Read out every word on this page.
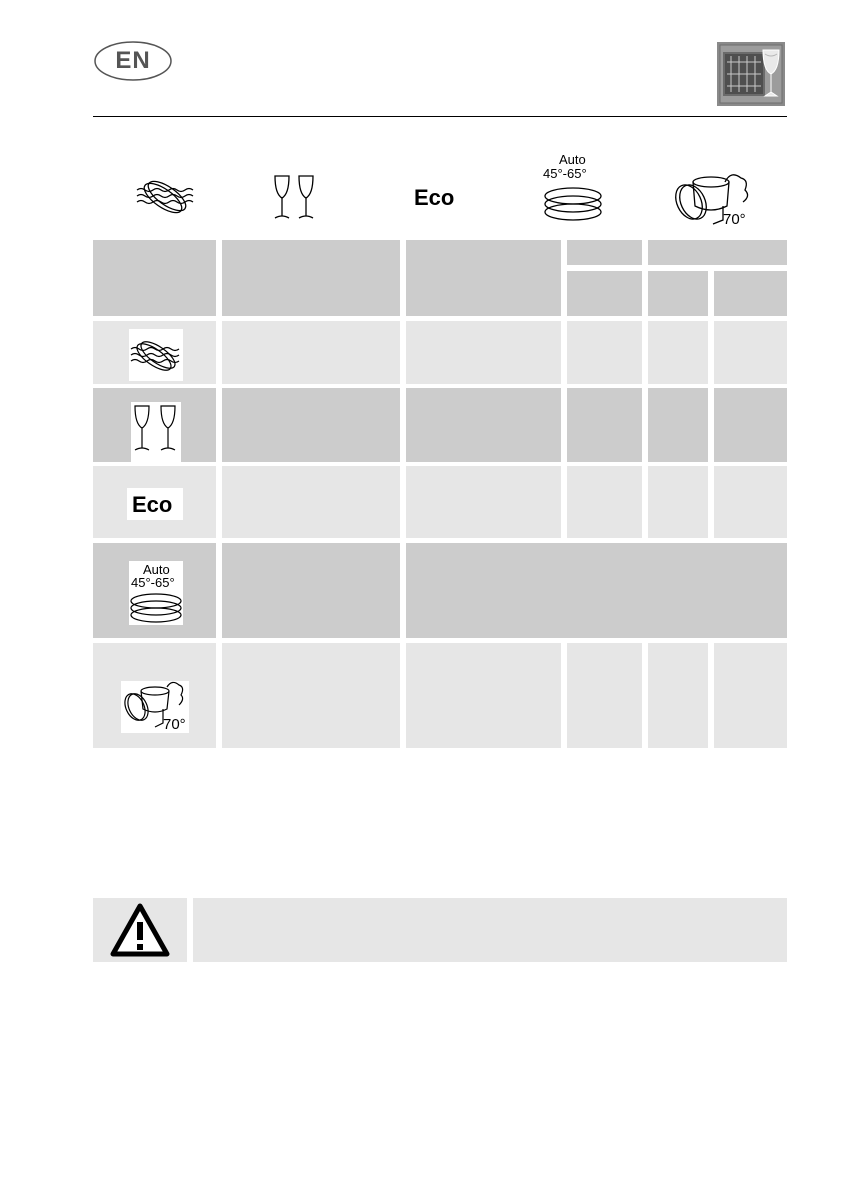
EN
Eco
Auto
45°-65°
70°
Eco
Auto
45°-65°
70°
